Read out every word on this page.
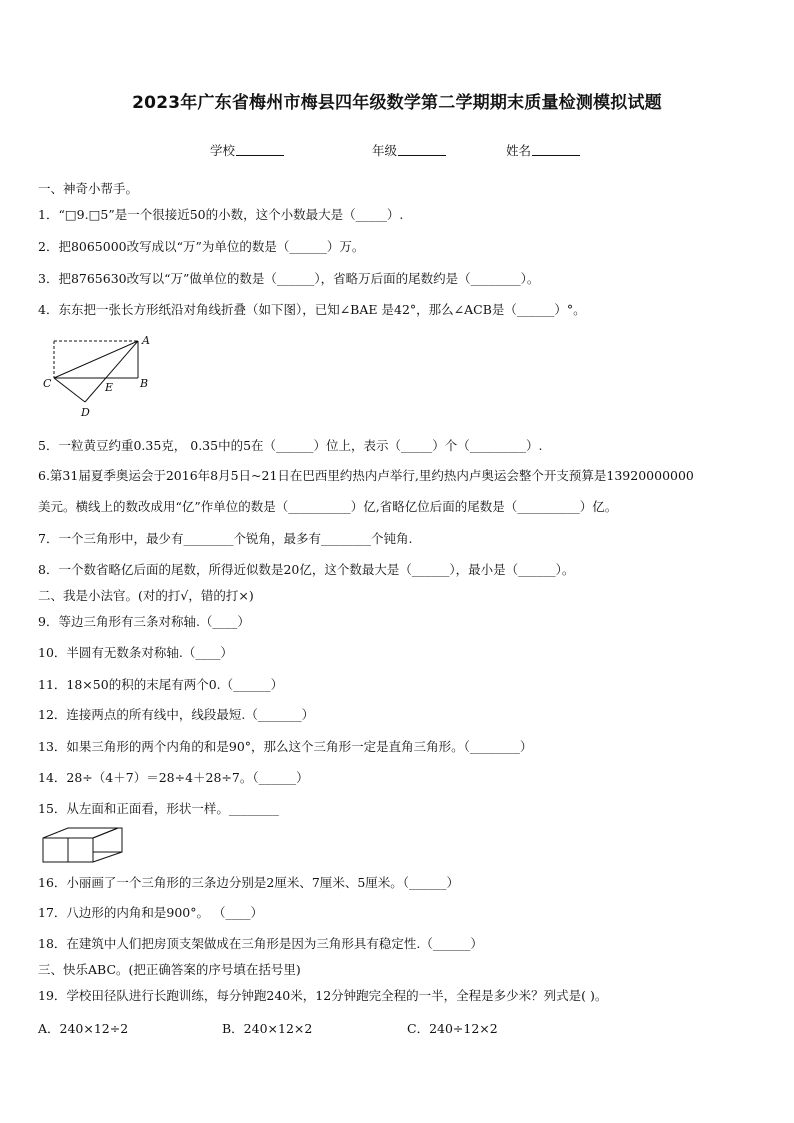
2023年广东省梅州市梅县四年级数学第二学期期末质量检测模拟试题
学校	年级	姓名
一、神奇小帮手。
1．“□9.□5”是一个很接近50的小数，这个小数最大是（_____）.
2．把8065000改写成以“万”为单位的数是（______）万。
3．把8765630改写以“万”做单位的数是（______），省略万后面的尾数约是（________）。
4．东东把一张长方形纸沿对角线折叠（如下图），已知∠BAE 是42°，那么∠ACB是（______）°。
A
B
C
D
E
5．一粒黄豆约重0.35克， 0.35中的5在（______）位上，表示（_____）个（_________）.
6.第31届夏季奥运会于2016年8月5日~21日在巴西里约热内卢举行,里约热内卢奥运会整个开支预算是13920000000
美元。横线上的数改成用“亿”作单位的数是（__________）亿,省略亿位后面的尾数是（__________）亿。
7．一个三角形中，最少有________个锐角，最多有________个钝角.
8．一个数省略亿后面的尾数，所得近似数是20亿，这个数最大是（______），最小是（______）。
二、我是小法官。(对的打√，错的打×)
9．等边三角形有三条对称轴.（____）
10．半圆有无数条对称轴.（____）
11．18×50的积的末尾有两个0.（______）
12．连接两点的所有线中，线段最短.（_______）
13．如果三角形的两个内角的和是90°，那么这个三角形一定是直角三角形。（________）
14．28÷（4＋7）＝28÷4＋28÷7。（______）
15．从左面和正面看，形状一样。________
16．小丽画了一个三角形的三条边分别是2厘米、7厘米、5厘米。（______）
17．八边形的内角和是900°。 （____）
18．在建筑中人们把房顶支架做成在三角形是因为三角形具有稳定性.（______）
三、快乐ABC。(把正确答案的序号填在括号里)
19．学校田径队进行长跑训练，每分钟跑240米，12分钟跑完全程的一半，全程是多少米？列式是( )。
A．240×12÷2	B．240×12×2	C．240÷12×2
